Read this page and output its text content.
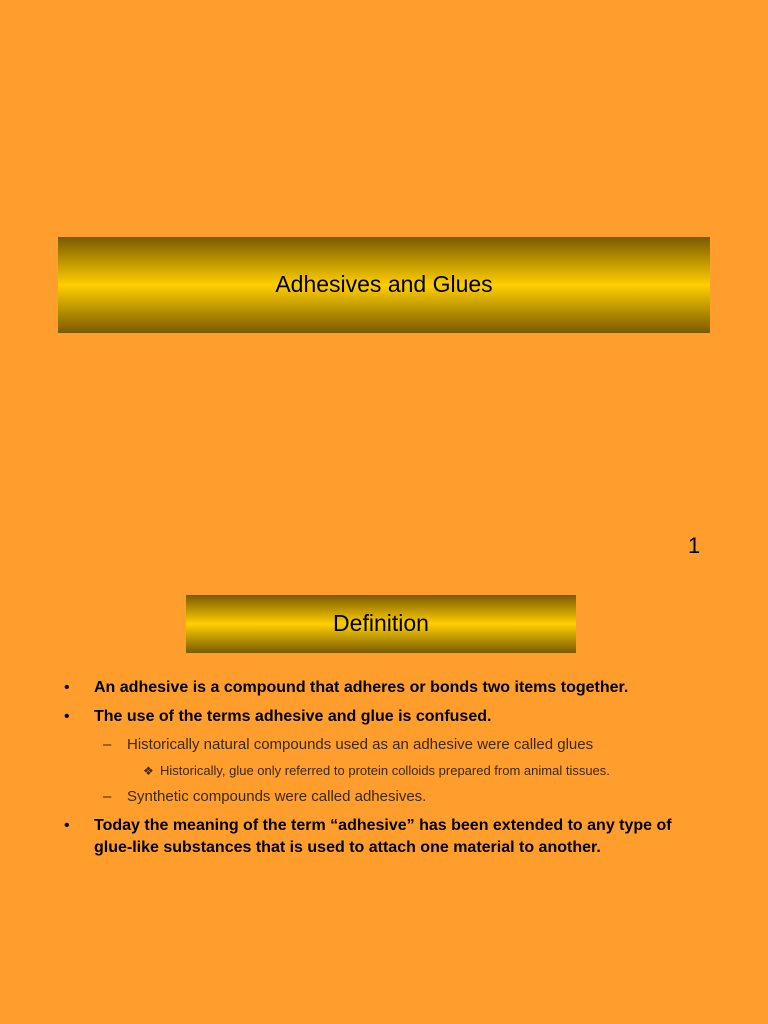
Adhesives and Glues
1
Definition
• An adhesive is a compound that adheres or bonds two items together.
• The use of the terms adhesive and glue is confused.
– Historically natural compounds used as an adhesive were called glues
❖ Historically, glue only referred to protein colloids prepared from animal tissues.
– Synthetic compounds were called adhesives.
• Today the meaning of the term “adhesive” has been extended to any type of glue-like substances that is used to attach one material to another.
